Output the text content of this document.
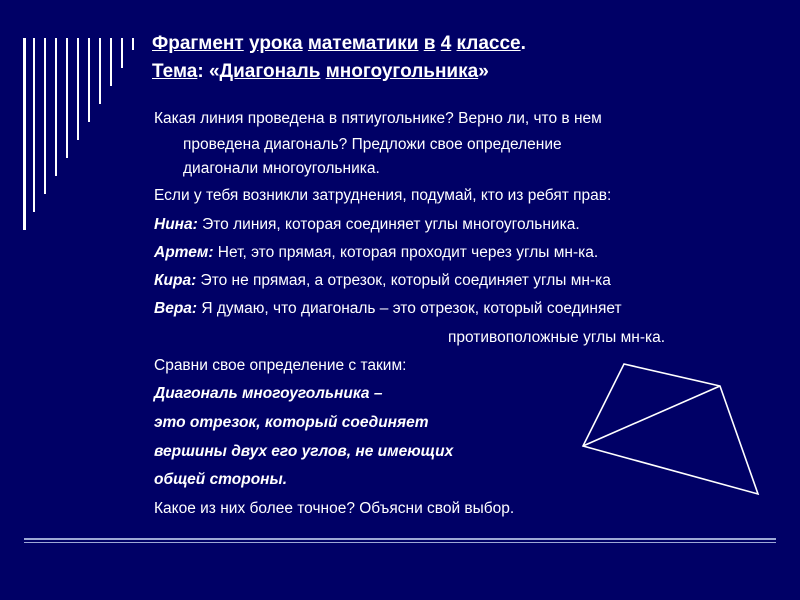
Фрагмент урока математики в 4 классе.
Тема: «Диагональ многоугольника»
Какая линия проведена в пятиугольнике? Верно ли, что в нем
проведена диагональ? Предложи свое определение
диагонали многоугольника.
Если у тебя возникли затруднения, подумай, кто из ребят прав:
Нина: Это линия, которая соединяет углы многоугольника.
Артем: Нет, это прямая, которая проходит через углы мн-ка.
Кира: Это не прямая, а отрезок, который соединяет углы мн-ка
Вера: Я думаю, что диагональ – это отрезок, который соединяет
противоположные углы мн-ка.
Сравни свое определение с таким:
Диагональ многоугольника –
это отрезок, который соединяет
вершины двух его углов, не имеющих
общей стороны.
Какое из них более точное? Объясни свой выбор.
